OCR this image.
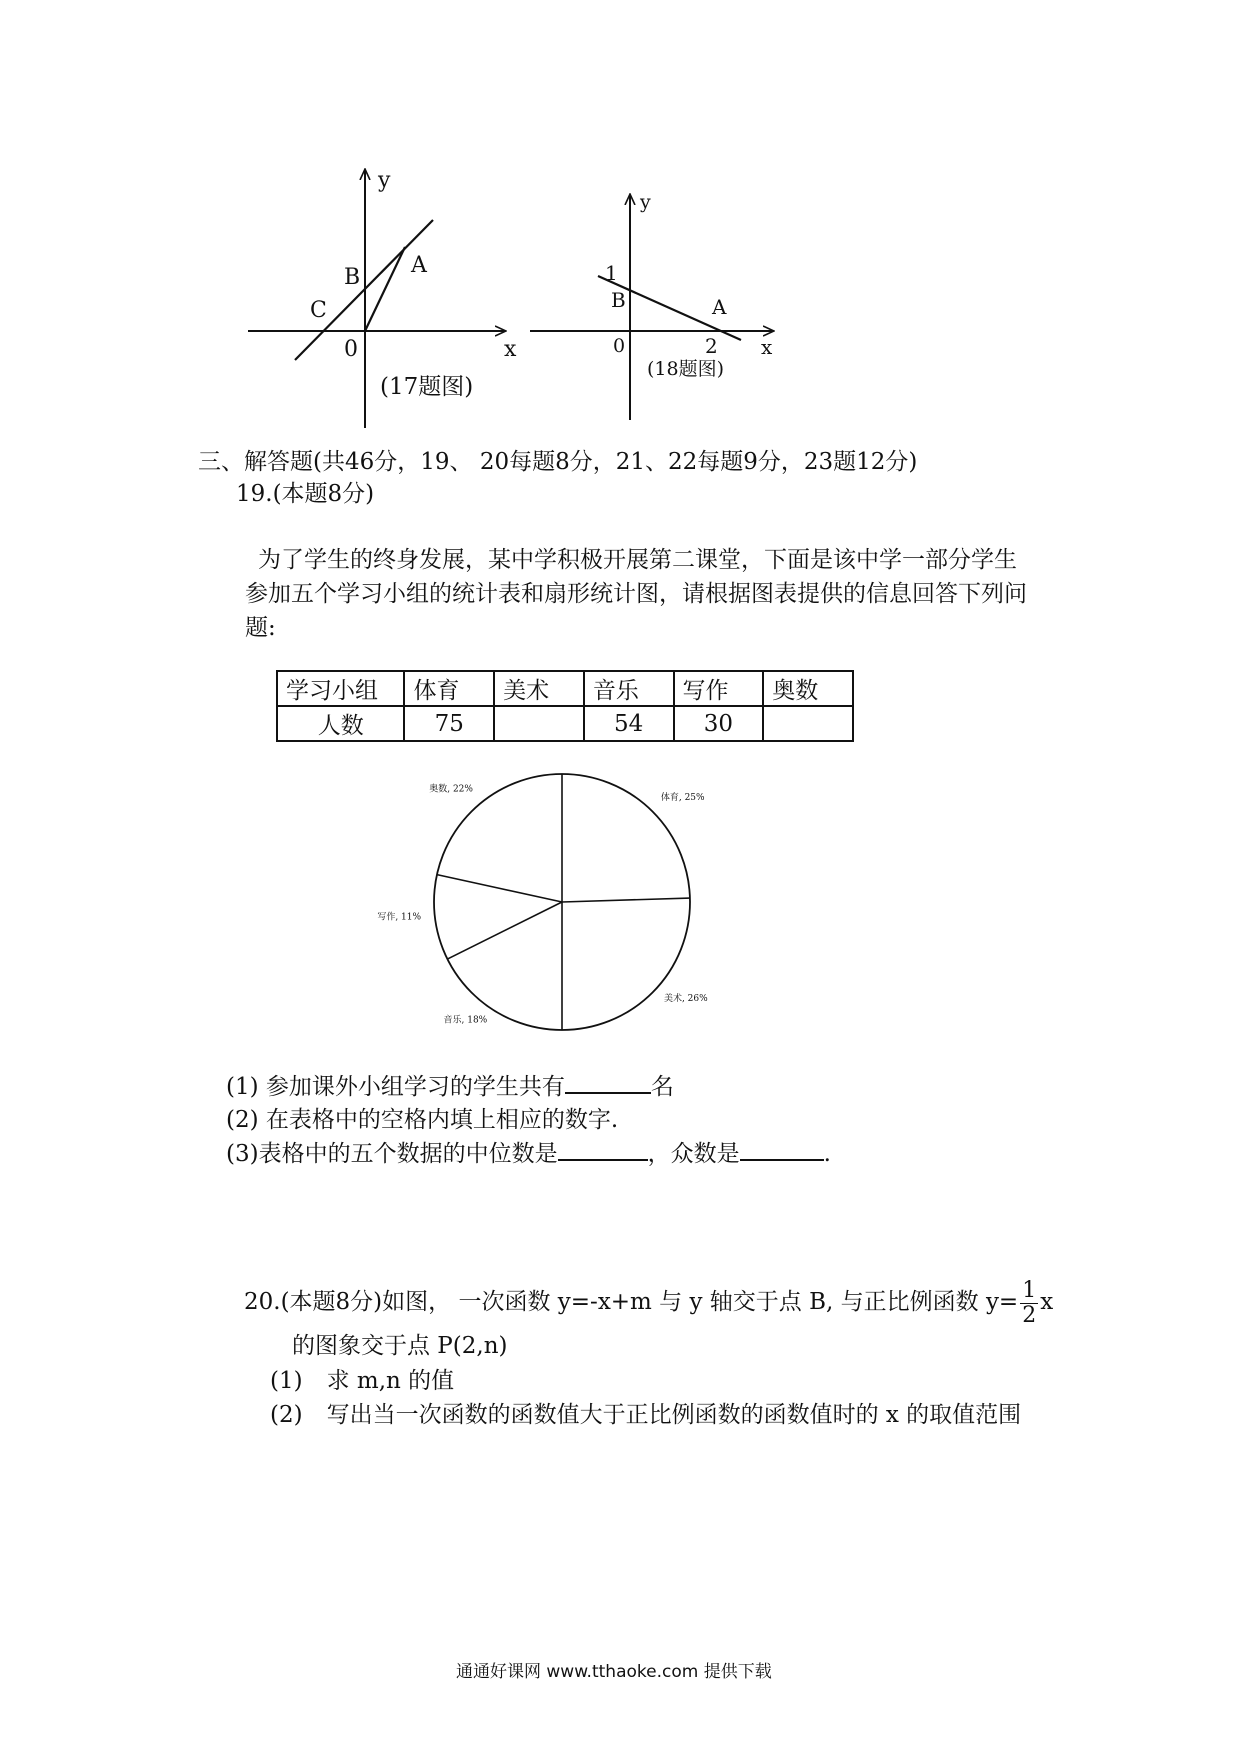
y
x
0
B A
C
(17题图)
y
x
1
B	A
0	2
(18题图)
三、解答题(共46分，19、 20每题8分，21、22每题9分，23题12分)
19.(本题8分)
为了学生的终身发展，某中学积极开展第二课堂，下面是该中学一部分学生
参加五个学习小组的统计表和扇形统计图，请根据图表提供的信息回答下列问
题:
学习小组	体育	美术	音乐	写作	奥数
人数	75		54	30	
体育, 25%
美术, 26%
音乐, 18%
写作, 11%
奥数, 22%
(1) 参加课外小组学习的学生共有	名
(2) 在表格中的空格内填上相应的数字.
(3)表格中的五个数据的中位数是	，众数是	.
20.(本题8分)如图， 一次函数 y=-x+m 与 y 轴交于点 B, 与正比例函数 $y= \frac{1}{2}$ x
的图象交于点 P(2,n)
(1) 求 m,n 的值
(2) 写出当一次函数的函数值大于正比例函数的函数值时的 x 的取值范围
通通好课网 www.tthaoke.com 提供下载
